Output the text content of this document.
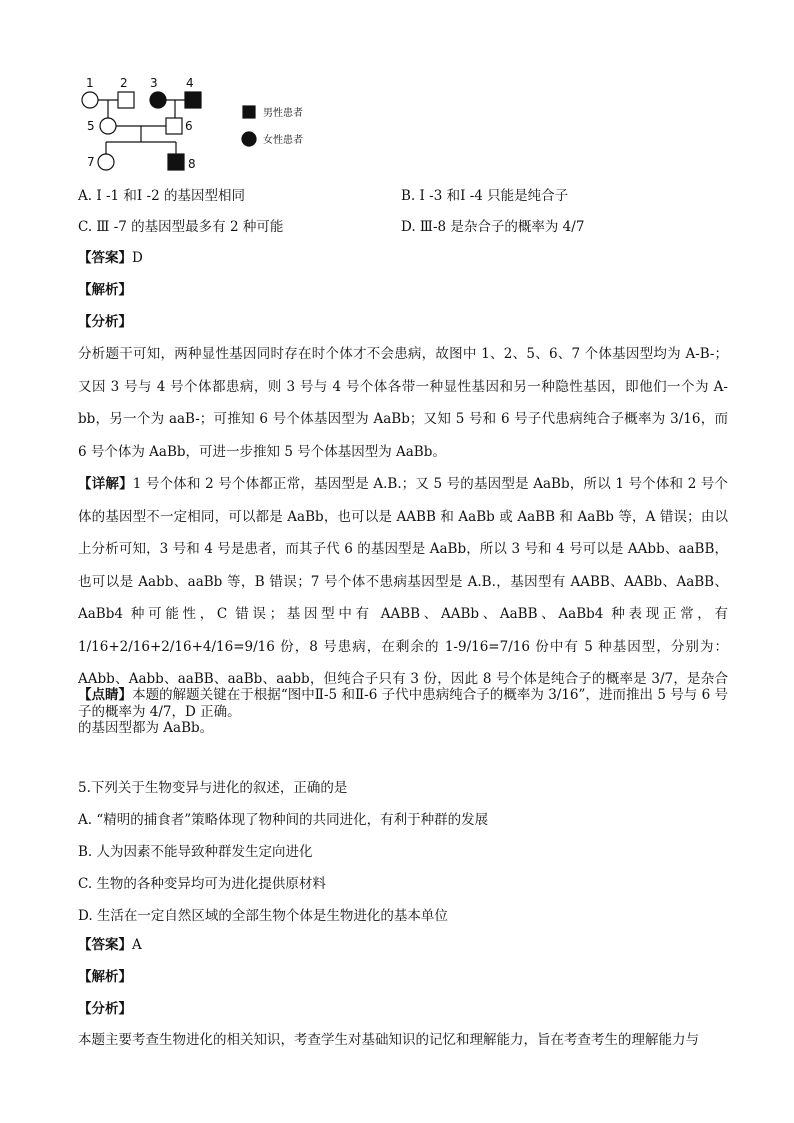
1 2 3 4
5	6
7	8
男性患者
女性患者
A. Ⅰ -1 和Ⅰ -2 的基因型相同	B. Ⅰ -3 和Ⅰ -4 只能是纯合子
C. Ⅲ -7 的基因型最多有 2 种可能	D. Ⅲ-8 是杂合子的概率为 4/7
【答案】D
【解析】
【分析】
分析题干可知，两种显性基因同时存在时个体才不会患病，故图中 1、2、5、6、7 个体基因型均为 A-B-；又因 3 号与 4 号个体都患病，则 3 号与 4 号个体各带一种显性基因和另一种隐性基因，即他们一个为 A-bb，另一个为 aaB-；可推知 6 号个体基因型为 AaBb；又知 5 号和 6 号子代患病纯合子概率为 3/16，而 6 号个体为 AaBb，可进一步推知 5 号个体基因型为 AaBb。
【详解】1 号个体和 2 号个体都正常，基因型是 A.B.；又 5 号的基因型是 AaBb，所以 1 号个体和 2 号个体的基因型不一定相同，可以都是 AaBb，也可以是 AABB 和 AaBb 或 AaBB 和 AaBb 等，A 错误；由以上分析可知，3 号和 4 号是患者，而其子代 6 的基因型是 AaBb，所以 3 号和 4 号可以是 AAbb、aaBB，也可以是 Aabb、aaBb 等，B 错误；7 号个体不患病基因型是 A.B.，基因型有 AABB、AABb、AaBB、AaBb4 种可能性，C 错误；基因型中有 AABB、AABb、AaBB、AaBb4 种表现正常，有 1/16+2/16+2/16+4/16=9/16 份，8 号患病，在剩余的 1-9/16=7/16 份中有 5 种基因型，分别为：AAbb、Aabb、aaBB、aaBb、aabb，但纯合子只有 3 份，因此 8 号个体是纯合子的概率是 3/7，是杂合子的概率为 4/7，D 正确。
【点睛】本题的解题关键在于根据“图中Ⅱ-5 和Ⅱ-6 子代中患病纯合子的概率为 3/16”，进而推出 5 号与 6 号的基因型都为 AaBb。
5.下列关于生物变异与进化的叙述，正确的是
A. “精明的捕食者”策略体现了物种间的共同进化，有利于种群的发展
B. 人为因素不能导致种群发生定向进化
C. 生物的各种变异均可为进化提供原材料
D. 生活在一定自然区域的全部生物个体是生物进化的基本单位
【答案】A
【解析】
【分析】
本题主要考查生物进化的相关知识，考查学生对基础知识的记忆和理解能力，旨在考查考生的理解能力与
